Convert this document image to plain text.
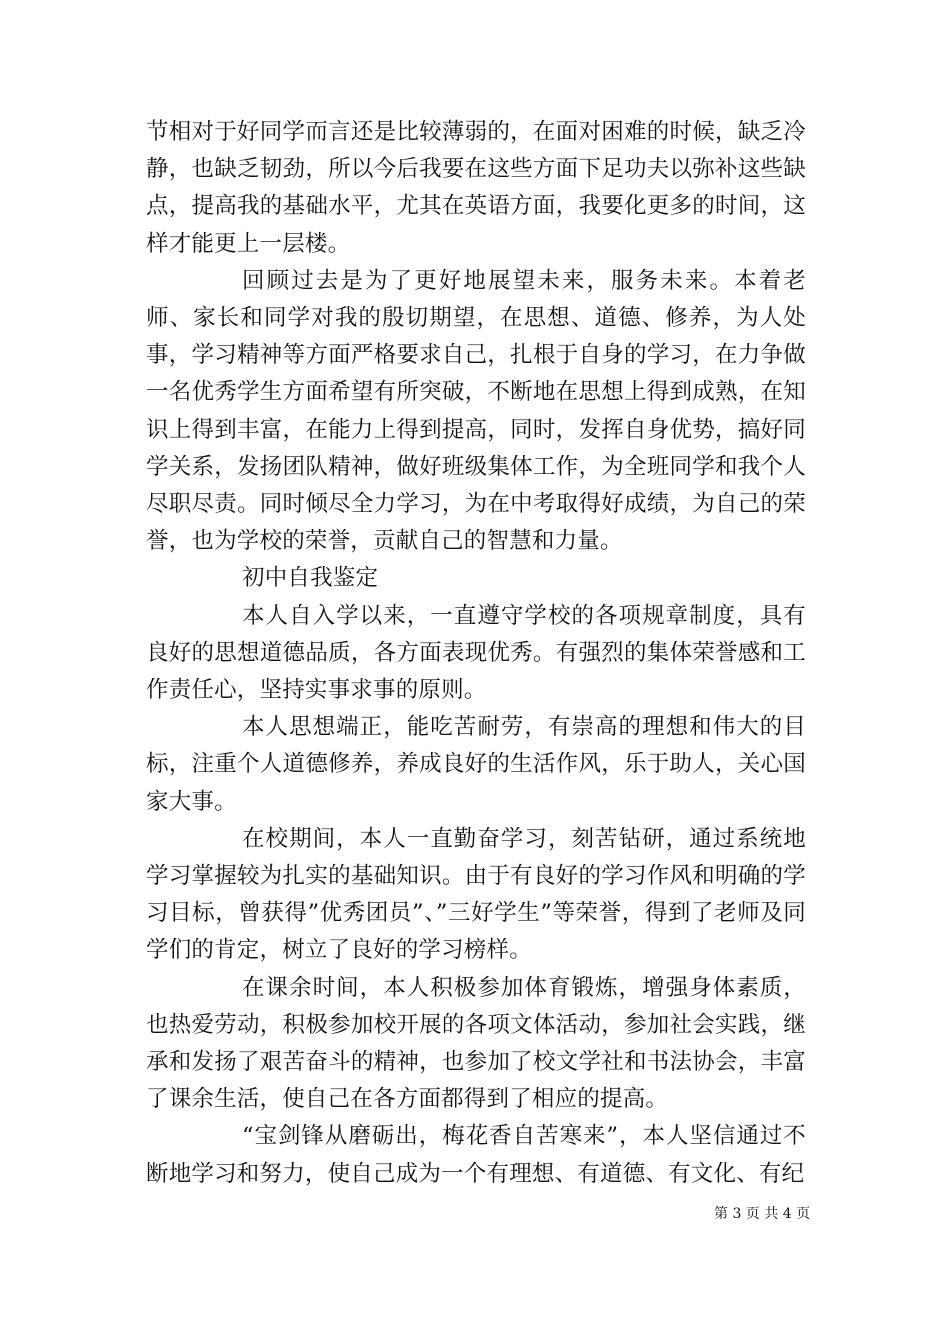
节相对于好同学而言还是比较薄弱的，在面对困难的时候，缺乏冷静，也缺乏韧劲，所以今后我要在这些方面下足功夫以弥补这些缺点，提高我的基础水平，尤其在英语方面，我要化更多的时间，这样才能更上一层楼。

回顾过去是为了更好地展望未来，服务未来。本着老师、家长和同学对我的殷切期望，在思想、道德、修养，为人处事，学习精神等方面严格要求自己，扎根于自身的学习，在力争做一名优秀学生方面希望有所突破，不断地在思想上得到成熟，在知识上得到丰富，在能力上得到提高，同时，发挥自身优势，搞好同学关系，发扬团队精神，做好班级集体工作，为全班同学和我个人尽职尽责。同时倾尽全力学习，为在中考取得好成绩，为自己的荣誉，也为学校的荣誉，贡献自己的智慧和力量。

初中自我鉴定

本人自入学以来，一直遵守学校的各项规章制度，具有良好的思想道德品质，各方面表现优秀。有强烈的集体荣誉感和工作责任心，坚持实事求事的原则。

本人思想端正，能吃苦耐劳，有崇高的理想和伟大的目标，注重个人道德修养，养成良好的生活作风，乐于助人，关心国家大事。

在校期间，本人一直勤奋学习，刻苦钻研，通过系统地学习掌握较为扎实的基础知识。由于有良好的学习作风和明确的学习目标，曾获得”优秀团员”、”三好学生”等荣誉，得到了老师及同学们的肯定，树立了良好的学习榜样。

在课余时间，本人积极参加体育锻炼，增强身体素质，也热爱劳动，积极参加校开展的各项文体活动，参加社会实践，继承和发扬了艰苦奋斗的精神，也参加了校文学社和书法协会，丰富了课余生活，使自己在各方面都得到了相应的提高。

“宝剑锋从磨砺出，梅花香自苦寒来”，本人坚信通过不断地学习和努力，使自己成为一个有理想、有道德、有文化、有纪

第 3 页 共 4 页
